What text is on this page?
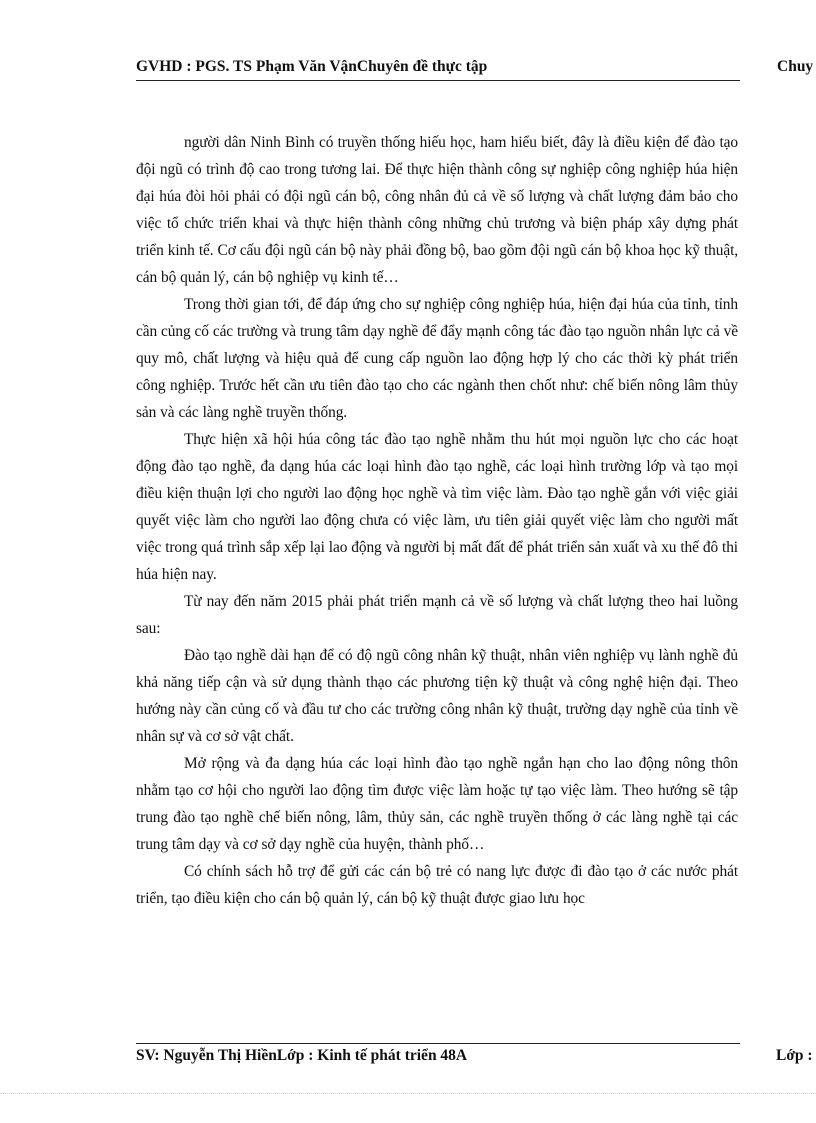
GVHD : PGS. TS Phạm Văn VậnChuyên đề thực tập	Chuy

người dân Ninh Bình có truyền thống hiếu học, ham hiểu biết, đây là điều kiện để đào tạo đội ngũ có trình độ cao trong tương lai. Để thực hiện thành công sự nghiệp công nghiệp húa hiện đại húa đòi hỏi phải có đội ngũ cán bộ, công nhân đủ cả về số lượng và chất lượng đảm bảo cho việc tổ chức triển khai và thực hiện thành công những chủ trương và biện pháp xây dựng phát triển kinh tế. Cơ cấu đội ngũ cán bộ này phải đồng bộ, bao gồm đội ngũ cán bộ khoa học kỹ thuật, cán bộ quản lý, cán bộ nghiệp vụ kinh tế…

Trong thời gian tới, để đáp ứng cho sự nghiệp công nghiệp húa, hiện đại húa của tỉnh, tỉnh cần củng cố các trường và trung tâm dạy nghề để đẩy mạnh công tác đào tạo nguồn nhân lực cả về quy mô, chất lượng và hiệu quả để cung cấp nguồn lao động hợp lý cho các thời kỳ phát triển công nghiệp. Trước hết cần ưu tiên đào tạo cho các ngành then chốt như: chế biến nông lâm thủy sản và các làng nghề truyền thống.

Thực hiện xã hội húa công tác đào tạo nghề nhằm thu hút mọi nguồn lực cho các hoạt động đào tạo nghề, đa dạng húa các loại hình đào tạo nghề, các loại hình trường lớp và tạo mọi điều kiện thuận lợi cho người lao động học nghề và tìm việc làm. Đào tạo nghề gắn với việc giải quyết việc làm cho người lao động chưa có việc làm, ưu tiên giải quyết việc làm cho người mất việc trong quá trình sắp xếp lại lao động và người bị mất đất để phát triển sản xuất và xu thế đô thi húa hiện nay.

Từ nay đến năm 2015 phải phát triển mạnh cả về số lượng và chất lượng theo hai luồng sau:

Đào tạo nghề dài hạn để có độ ngũ công nhân kỹ thuật, nhân viên nghiệp vụ lành nghề đủ khả năng tiếp cận và sử dụng thành thạo các phương tiện kỹ thuật và công nghệ hiện đại. Theo hướng này cần củng cố và đầu tư cho các trường công nhân kỹ thuật, trường dạy nghề của tỉnh về nhân sự và cơ sở vật chất.

Mở rộng và đa dạng húa các loại hình đào tạo nghề ngắn hạn cho lao động nông thôn nhằm tạo cơ hội cho người lao động tìm được việc làm hoặc tự tạo việc làm. Theo hướng sẽ tập trung đào tạo nghề chế biến nông, lâm, thủy sản, các nghề truyền thống ở các làng nghề tại các trung tâm dạy và cơ sở dạy nghề của huyện, thành phố…

Có chính sách hỗ trợ để gửi các cán bộ trẻ có nang lực được đi đào tạo ở các nước phát triển, tạo điều kiện cho cán bộ quản lý, cán bộ kỹ thuật được giao lưu học

SV: Nguyễn Thị HiềnLớp : Kinh tế phát triển 48A	Lớp :
